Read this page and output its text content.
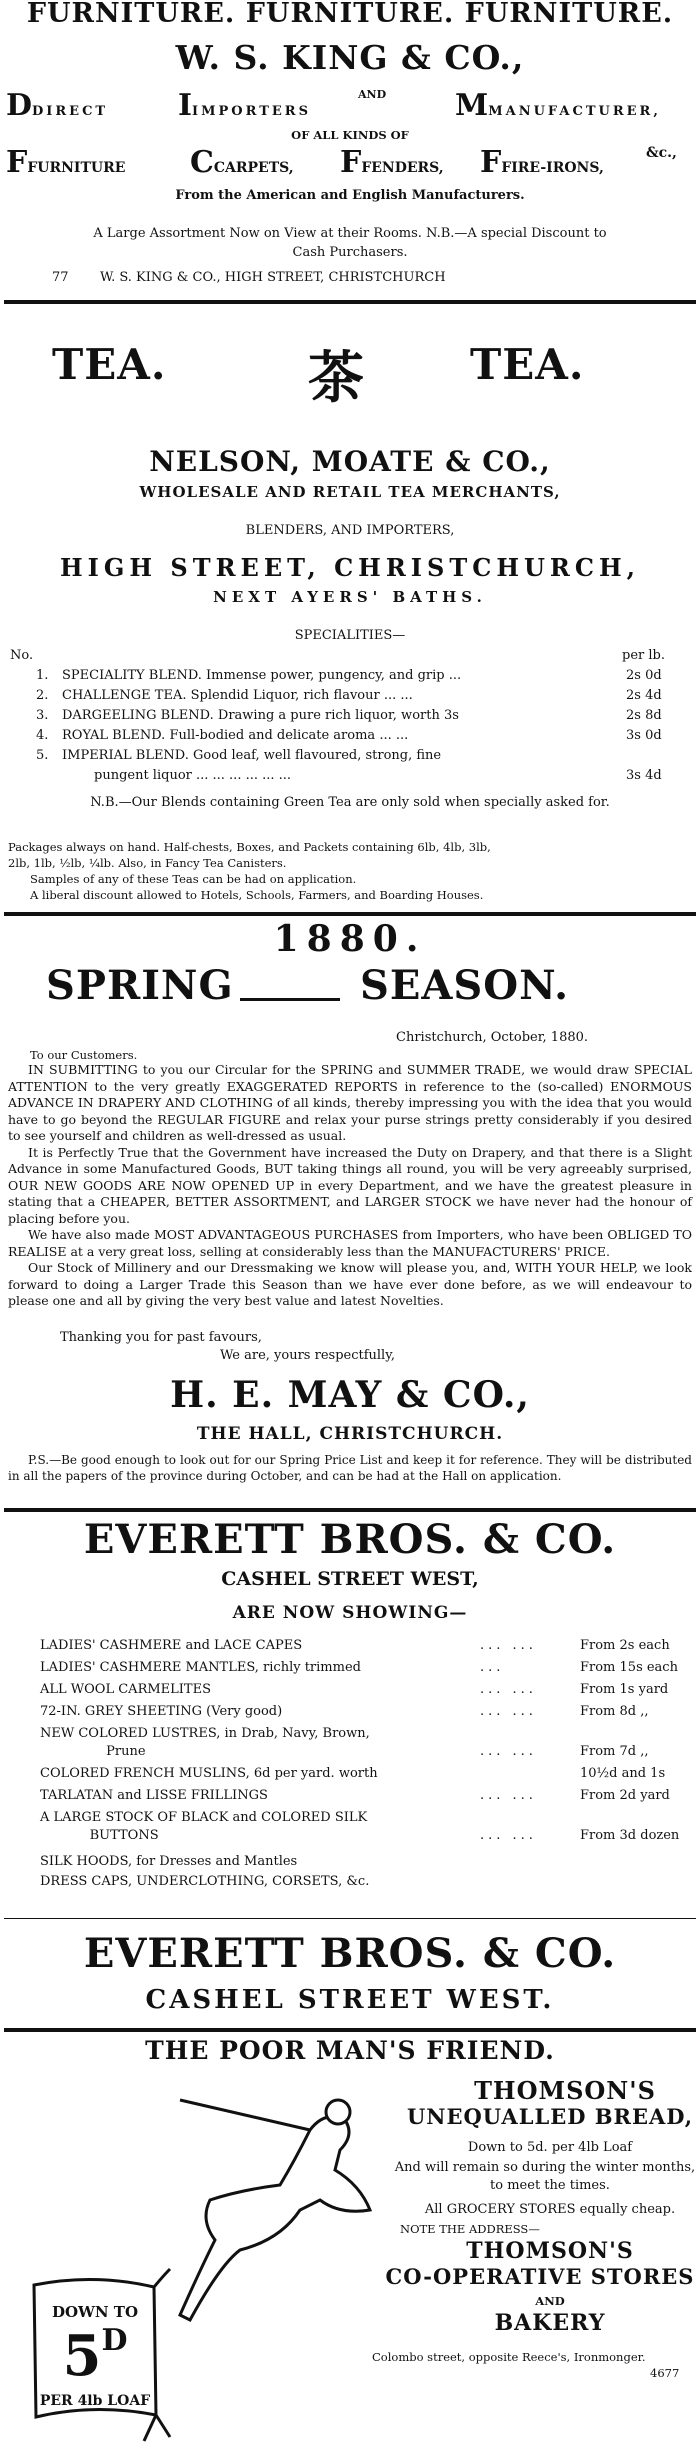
FURNITURE. FURNITURE. FURNITURE.
W. S. KING & CO.,
DDIRECT IIMPORTERS
AND MMANUFACTURER,
OF ALL KINDS OF
FFURNITURE CCARPETS, FFENDERS, FFIRE-IRONS,
&c.,
From the American and English Manufacturers.
A Large Assortment Now on View at their Rooms. N.B.—A special Discount to
Cash Purchasers.
77 W. S. KING & CO., HIGH STREET, CHRISTCHURCH
TEA.	茶	TEA.
NELSON, MOATE & CO.,
WHOLESALE AND RETAIL TEA MERCHANTS,
BLENDERS, AND IMPORTERS,
HIGH STREET, CHRISTCHURCH,
NEXT AYERS' BATHS.
SPECIALITIES—
No.	per lb.
1. SPECIALITY BLEND. Immense power, pungency, and grip ...	2s 0d
2. CHALLENGE TEA. Splendid Liquor, rich flavour ... ...	2s 4d
3. DARGEELING BLEND. Drawing a pure rich liquor, worth 3s	2s 8d
4. ROYAL BLEND. Full-bodied and delicate aroma ... ...	3s 0d
5. IMPERIAL BLEND. Good leaf, well flavoured, strong, fine
pungent liquor ... ... ... ... ... ...	3s 4d
N.B.—Our Blends containing Green Tea are only sold when specially asked for.
Packages always on hand. Half-chests, Boxes, and Packets containing 6lb, 4lb, 3lb,
2lb, 1lb, ½lb, ¼lb. Also, in Fancy Tea Canisters.
Samples of any of these Teas can be had on application.
A liberal discount allowed to Hotels, Schools, Farmers, and Boarding Houses.
1880.
SPRING	SEASON.
Christchurch, October, 1880.
To our Customers.

IN SUBMITTING to you our Circular for the SPRING and SUMMER TRADE, we would draw SPECIAL ATTENTION to the very greatly EXAGGERATED REPORTS in reference to the (so-called) ENORMOUS ADVANCE IN DRAPERY AND CLOTHING of all kinds, thereby impressing you with the idea that you would have to go beyond the REGULAR FIGURE and relax your purse strings pretty considerably if you desired to see yourself and children as well-dressed as usual.

It is Perfectly True that the Government have increased the Duty on Drapery, and that there is a Slight Advance in some Manufactured Goods, BUT taking things all round, you will be very agreeably surprised, OUR NEW GOODS ARE NOW OPENED UP in every Department, and we have the greatest pleasure in stating that a CHEAPER, BETTER ASSORTMENT, and LARGER STOCK we have never had the honour of placing before you.

We have also made MOST ADVANTAGEOUS PURCHASES from Importers, who have been OBLIGED TO REALISE at a very great loss, selling at considerably less than the MANUFACTURERS' PRICE.

Our Stock of Millinery and our Dressmaking we know will please you, and, WITH YOUR HELP, we look forward to doing a Larger Trade this Season than we have ever done before, as we will endeavour to please one and all by giving the very best value and latest Novelties.

Thanking you for past favours,
We are, yours respectfully,
H. E. MAY & CO.,
THE HALL, CHRISTCHURCH.

P.S.—Be good enough to look out for our Spring Price List and keep it for reference. They will be distributed in all the papers of the province during October, and can be had at the Hall on application.

EVERETT BROS. & CO.
CASHEL STREET WEST,
ARE NOW SHOWING—
LADIES' CASHMERE and LACE CAPES	... ...	From 2s each
LADIES' CASHMERE MANTLES, richly trimmed	...	From 15s each
ALL WOOL CARMELITES	... ...	From 1s yard
72-IN. GREY SHEETING (Very good)	... ...	From 8d ,,
NEW COLORED LUSTRES, in Drab, Navy, Brown,
Prune	... ...	From 7d ,,
COLORED FRENCH MUSLINS, 6d per yard. worth	10½d and 1s
TARLATAN and LISSE FRILLINGS	... ...	From 2d yard
A LARGE STOCK OF BLACK and COLORED SILK
BUTTONS	... ...	From 3d dozen
SILK HOODS, for Dresses and Mantles
DRESS CAPS, UNDERCLOTHING, CORSETS, &c.
EVERETT BROS. & CO.
CASHEL STREET WEST.
THE POOR MAN'S FRIEND.
DOWN TO
5D
PER 4lb LOAF
THOMSON'S
UNEQUALLED BREAD,
Down to 5d. per 4lb Loaf
And will remain so during the winter months,
to meet the times.
All GROCERY STORES equally cheap.
NOTE THE ADDRESS—
THOMSON'S
CO-OPERATIVE STORES
AND
BAKERY
Colombo street, opposite Reece's, Ironmonger.
4677
